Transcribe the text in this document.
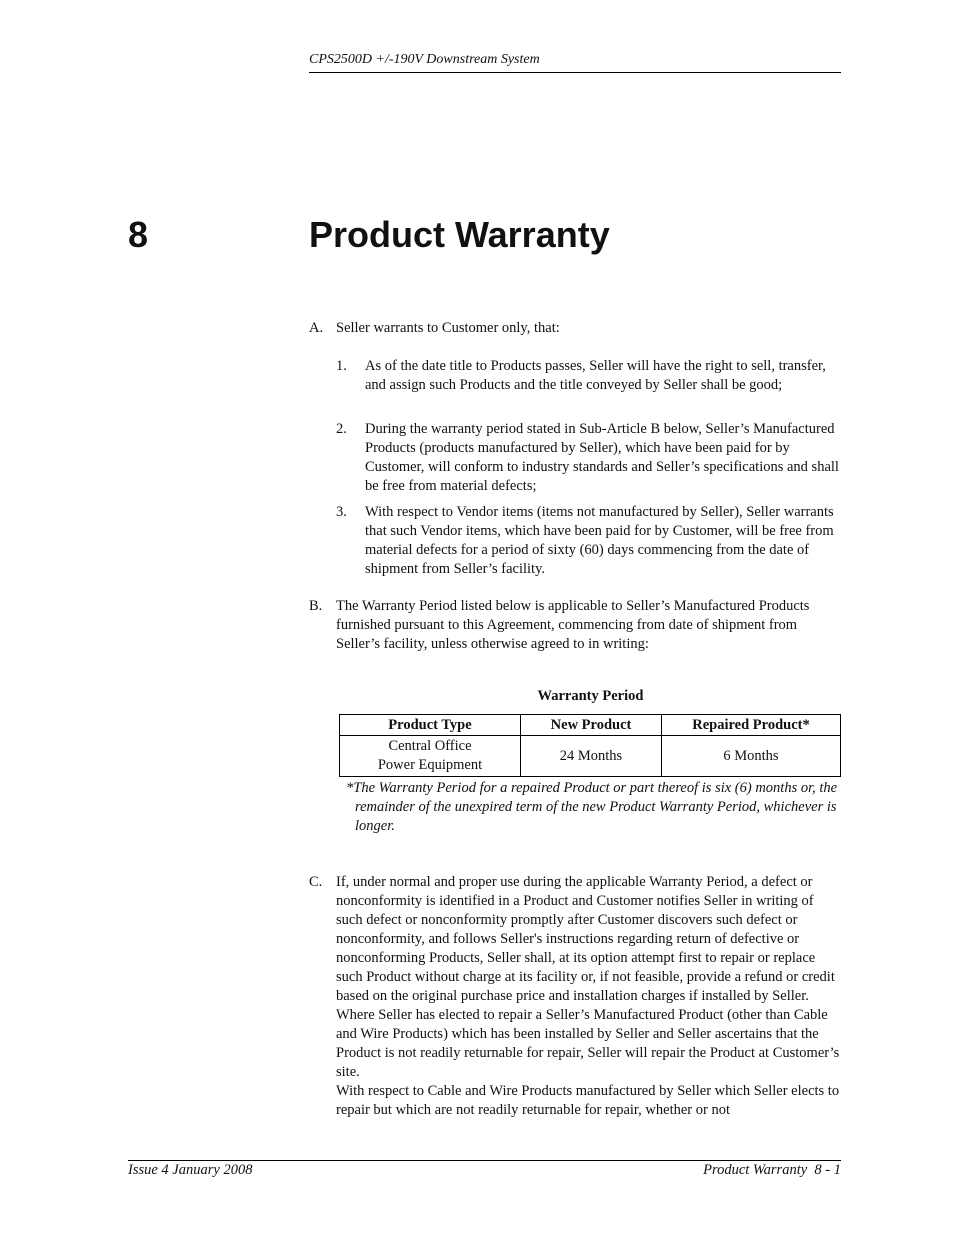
CPS2500D +/-190V Downstream System
8	Product Warranty
A. Seller warrants to Customer only, that:
1. As of the date title to Products passes, Seller will have the right to sell, transfer, and assign such Products and the title conveyed by Seller shall be good;
2. During the warranty period stated in Sub-Article B below, Seller’s Manufactured Products (products manufactured by Seller), which have been paid for by Customer, will conform to industry standards and Seller’s specifications and shall be free from material defects;
3. With respect to Vendor items (items not manufactured by Seller), Seller warrants that such Vendor items, which have been paid for by Customer, will be free from material defects for a period of sixty (60) days commencing from the date of shipment from Seller’s facility.
B. The Warranty Period listed below is applicable to Seller’s Manufactured Products furnished pursuant to this Agreement, commencing from date of shipment from Seller’s facility, unless otherwise agreed to in writing:
Warranty Period
Product Type	New Product	Repaired Product*

Central Office
Power Equipment	24 Months	6 Months
*The Warranty Period for a repaired Product or part thereof is six (6) months or, the remainder of the unexpired term of the new Product Warranty Period, whichever is longer.
C. If, under normal and proper use during the applicable Warranty Period, a defect or nonconformity is identified in a Product and Customer notifies Seller in writing of such defect or nonconformity promptly after Customer discovers such defect or nonconformity, and follows Seller's instructions regarding return of defective or nonconforming Products, Seller shall, at its option attempt first to repair or replace such Product without charge at its facility or, if not feasible, provide a refund or credit based on the original purchase price and installation charges if installed by Seller. Where Seller has elected to repair a Seller’s Manufactured Product (other than Cable and Wire Products) which has been installed by Seller and Seller ascertains that the Product is not readily returnable for repair, Seller will repair the Product at Customer’s site.
With respect to Cable and Wire Products manufactured by Seller which Seller elects to repair but which are not readily returnable for repair, whether or not
Issue 4 January 2008	Product Warranty  8 - 1
